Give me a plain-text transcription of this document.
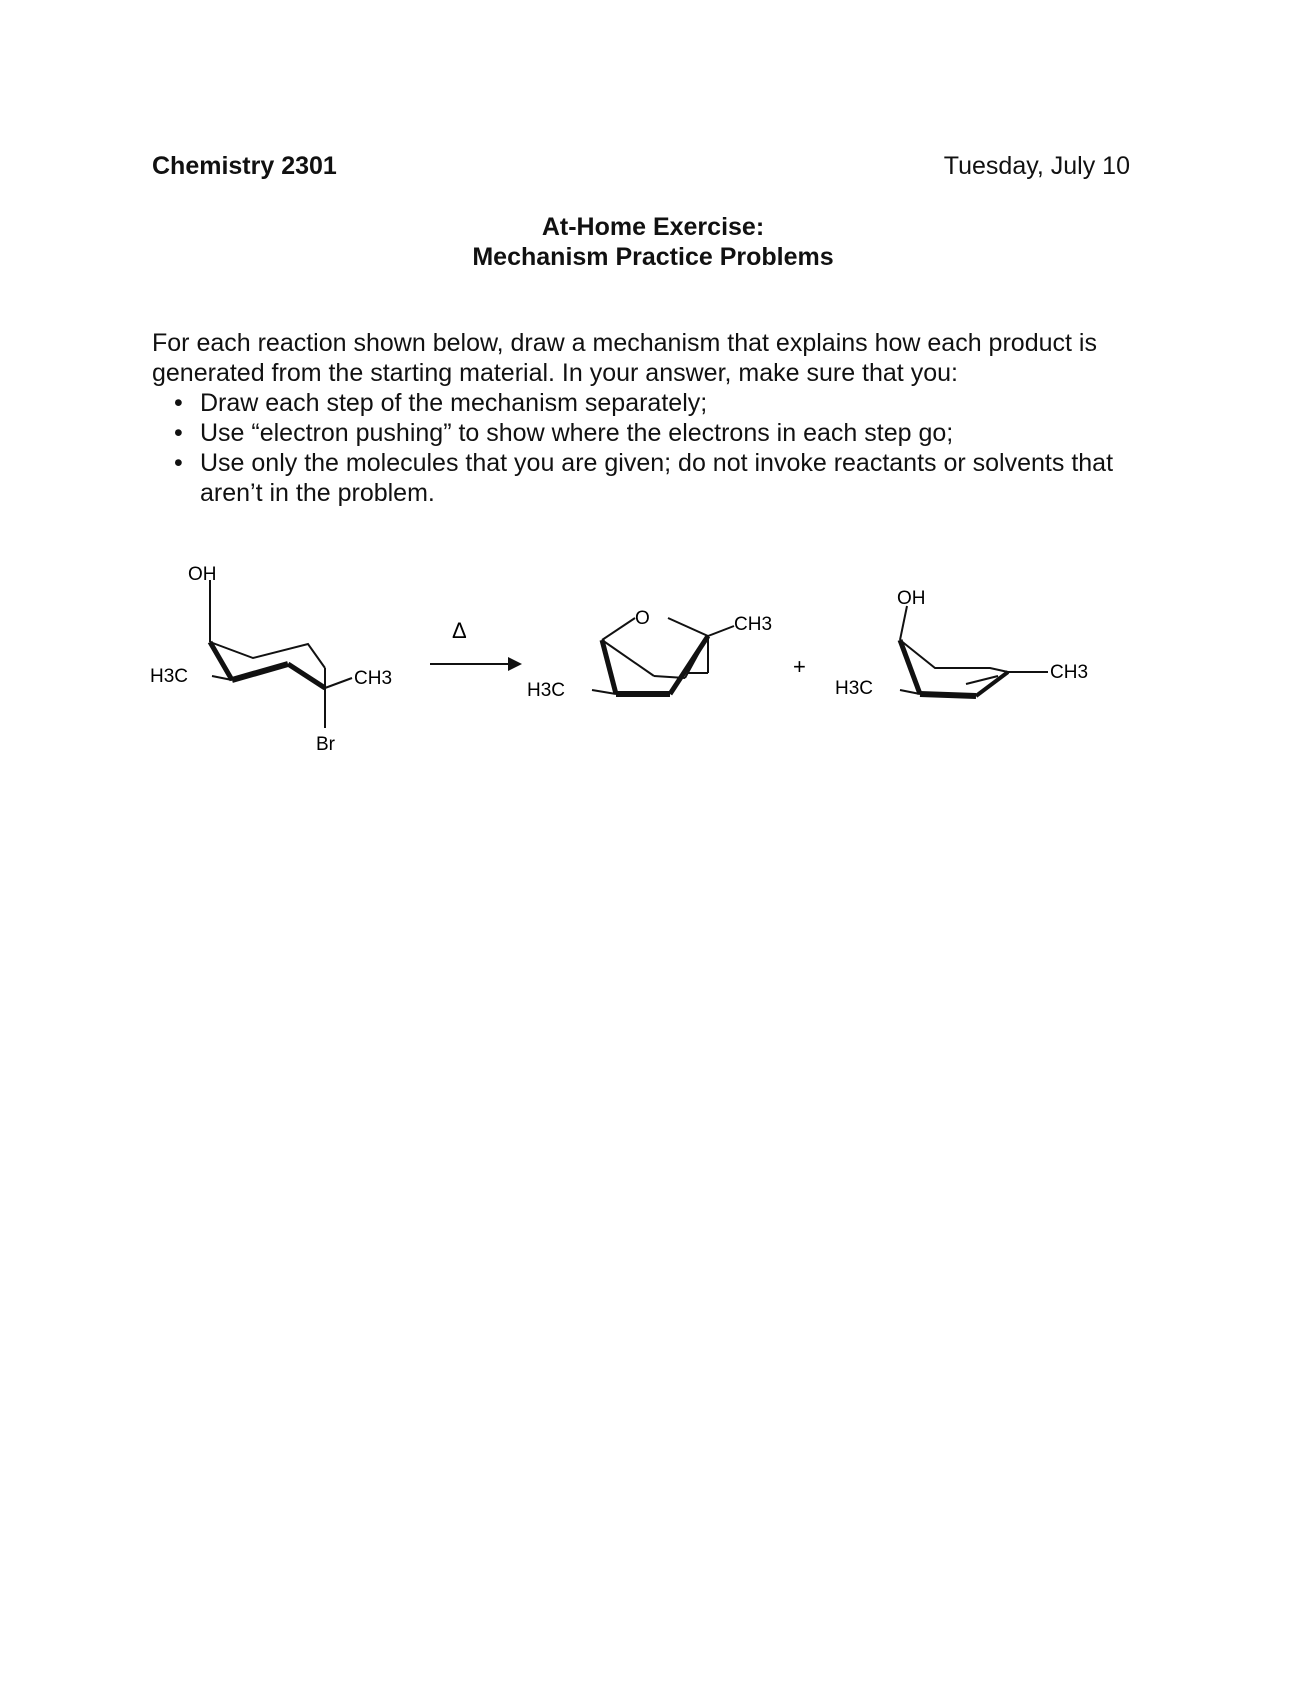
Chemistry 2301	Tuesday, July 10
At-Home Exercise:
Mechanism Practice Problems

For each reaction shown below, draw a mechanism that explains how each product is

generated from the starting material. In your answer, make sure that you:

• Draw each step of the mechanism separately;
• Use “electron pushing” to show where the electrons in each step go;
• Use only the molecules that you are given; do not invoke reactants or solvents that
aren’t in the problem.
OH
H3C	CH3
Br
Δ	O	CH3
H3C
+
OH
H3C
CH3
